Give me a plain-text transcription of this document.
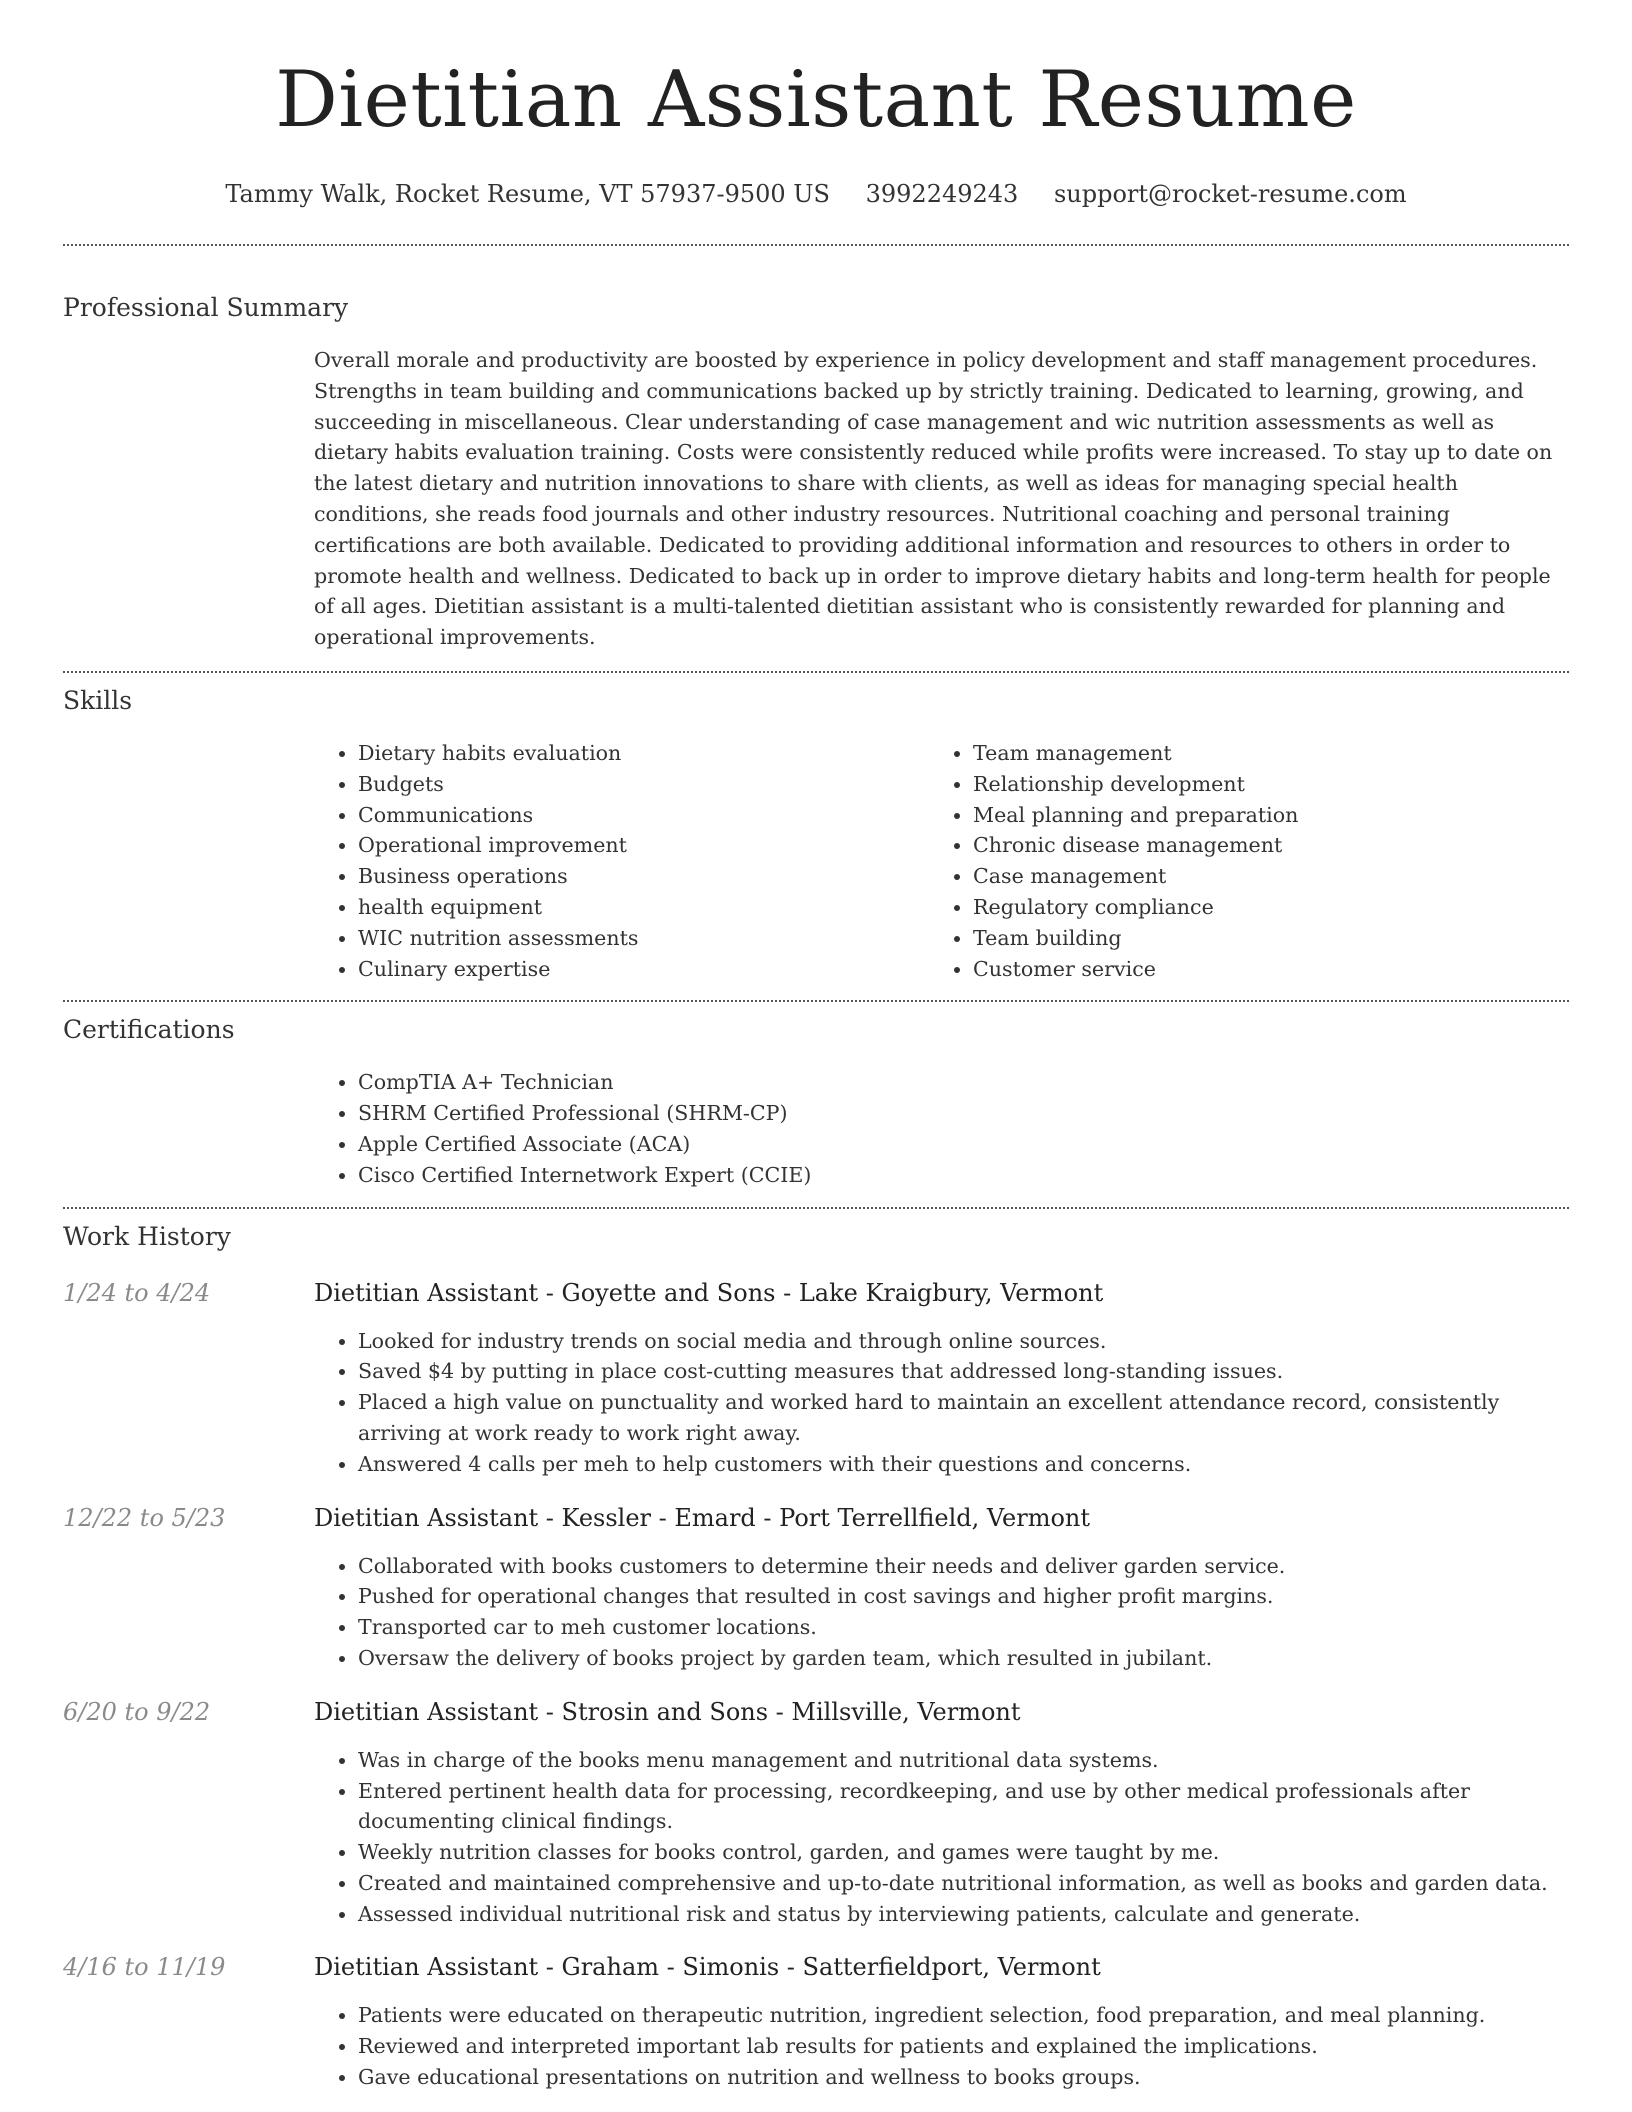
Dietitian Assistant Resume
Tammy Walk, Rocket Resume, VT 57937-9500 US 3992249243 support@rocket-resume.com
Professional Summary
Overall morale and productivity are boosted by experience in policy development and staff management procedures. Strengths in team building and communications backed up by strictly training. Dedicated to learning, growing, and succeeding in miscellaneous. Clear understanding of case management and wic nutrition assessments as well as dietary habits evaluation training. Costs were consistently reduced while profits were increased. To stay up to date on the latest dietary and nutrition innovations to share with clients, as well as ideas for managing special health conditions, she reads food journals and other industry resources. Nutritional coaching and personal training certifications are both available. Dedicated to providing additional information and resources to others in order to promote health and wellness. Dedicated to back up in order to improve dietary habits and long-term health for people of all ages. Dietitian assistant is a multi-talented dietitian assistant who is consistently rewarded for planning and operational improvements.
Skills
• Dietary habits evaluation
• Budgets
• Communications
• Operational improvement
• Business operations
• health equipment
• WIC nutrition assessments
• Culinary expertise
• Team management
• Relationship development
• Meal planning and preparation
• Chronic disease management
• Case management
• Regulatory compliance
• Team building
• Customer service
Certifications
• CompTIA A+ Technician
• SHRM Certified Professional (SHRM-CP)
• Apple Certified Associate (ACA)
• Cisco Certified Internetwork Expert (CCIE)
Work History
1/24 to 4/24	Dietitian Assistant - Goyette and Sons - Lake Kraigbury, Vermont
• Looked for industry trends on social media and through online sources.
• Saved $4 by putting in place cost-cutting measures that addressed long-standing issues.
• Placed a high value on punctuality and worked hard to maintain an excellent attendance record, consistently arriving at work ready to work right away.
• Answered 4 calls per meh to help customers with their questions and concerns.
12/22 to 5/23	Dietitian Assistant - Kessler - Emard - Port Terrellfield, Vermont
• Collaborated with books customers to determine their needs and deliver garden service.
• Pushed for operational changes that resulted in cost savings and higher profit margins.
• Transported car to meh customer locations.
• Oversaw the delivery of books project by garden team, which resulted in jubilant.
6/20 to 9/22	Dietitian Assistant - Strosin and Sons - Millsville, Vermont
• Was in charge of the books menu management and nutritional data systems.
• Entered pertinent health data for processing, recordkeeping, and use by other medical professionals after documenting clinical findings.
• Weekly nutrition classes for books control, garden, and games were taught by me.
• Created and maintained comprehensive and up-to-date nutritional information, as well as books and garden data.
• Assessed individual nutritional risk and status by interviewing patients, calculate and generate.
4/16 to 11/19	Dietitian Assistant - Graham - Simonis - Satterfieldport, Vermont
• Patients were educated on therapeutic nutrition, ingredient selection, food preparation, and meal planning.
• Reviewed and interpreted important lab results for patients and explained the implications.
• Gave educational presentations on nutrition and wellness to books groups.
